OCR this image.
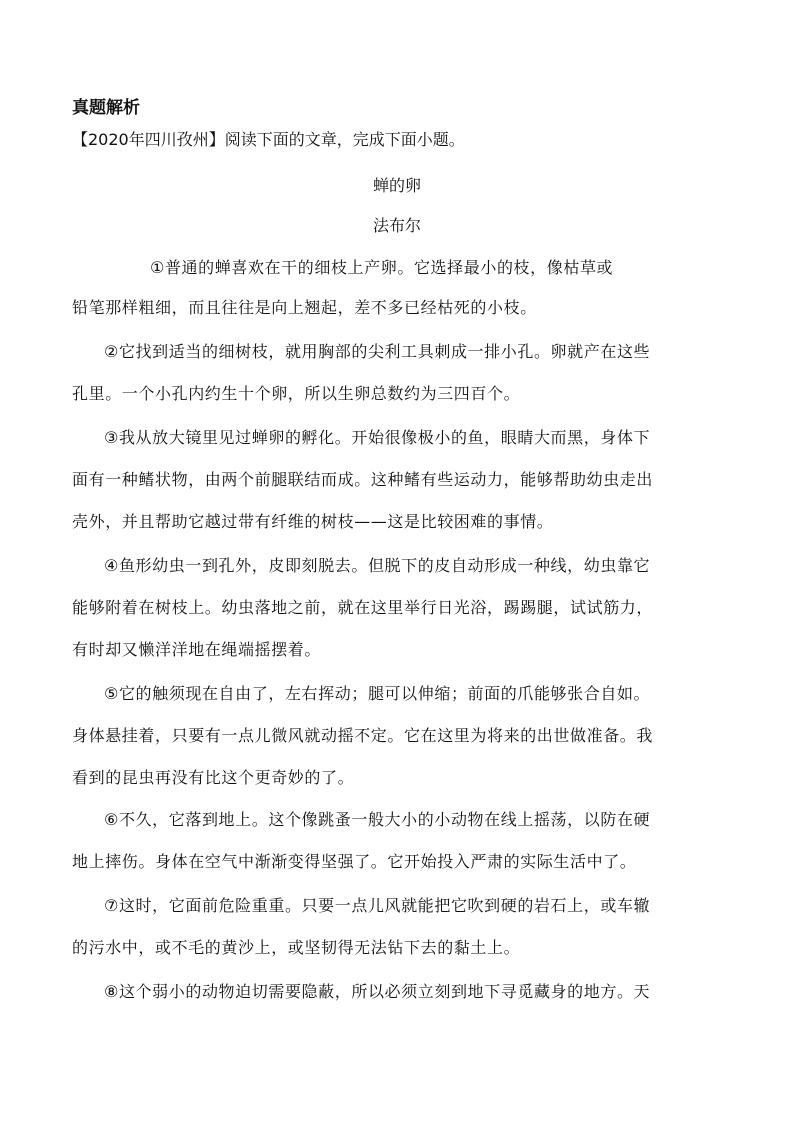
真题解析
【2020年四川孜州】阅读下面的文章，完成下面小题。
蝉的卵
法布尔
①普通的蝉喜欢在干的细枝上产卵。它选择最小的枝，像枯草或
铅笔那样粗细，而且往往是向上翘起，差不多已经枯死的小枝。
②它找到适当的细树枝，就用胸部的尖利工具刺成一排小孔。卵就产在这些
孔里。一个小孔内约生十个卵，所以生卵总数约为三四百个。
③我从放大镜里见过蝉卵的孵化。开始很像极小的鱼，眼睛大而黑，身体下
面有一种鳍状物，由两个前腿联结而成。这种鳍有些运动力，能够帮助幼虫走出
壳外，并且帮助它越过带有纤维的树枝——这是比较困难的事情。
④鱼形幼虫一到孔外，皮即刻脱去。但脱下的皮自动形成一种线，幼虫靠它
能够附着在树枝上。幼虫落地之前，就在这里举行日光浴，踢踢腿，试试筋力，
有时却又懒洋洋地在绳端摇摆着。
⑤它的触须现在自由了，左右挥动；腿可以伸缩；前面的爪能够张合自如。
身体悬挂着，只要有一点儿微风就动摇不定。它在这里为将来的出世做准备。我
看到的昆虫再没有比这个更奇妙的了。
⑥不久，它落到地上。这个像跳蚤一般大小的小动物在线上摇荡，以防在硬
地上摔伤。身体在空气中渐渐变得坚强了。它开始投入严肃的实际生活中了。
⑦这时，它面前危险重重。只要一点儿风就能把它吹到硬的岩石上，或车辙
的污水中，或不毛的黄沙上，或坚韧得无法钻下去的黏土上。
⑧这个弱小的动物迫切需要隐蔽，所以必须立刻到地下寻觅藏身的地方。天
